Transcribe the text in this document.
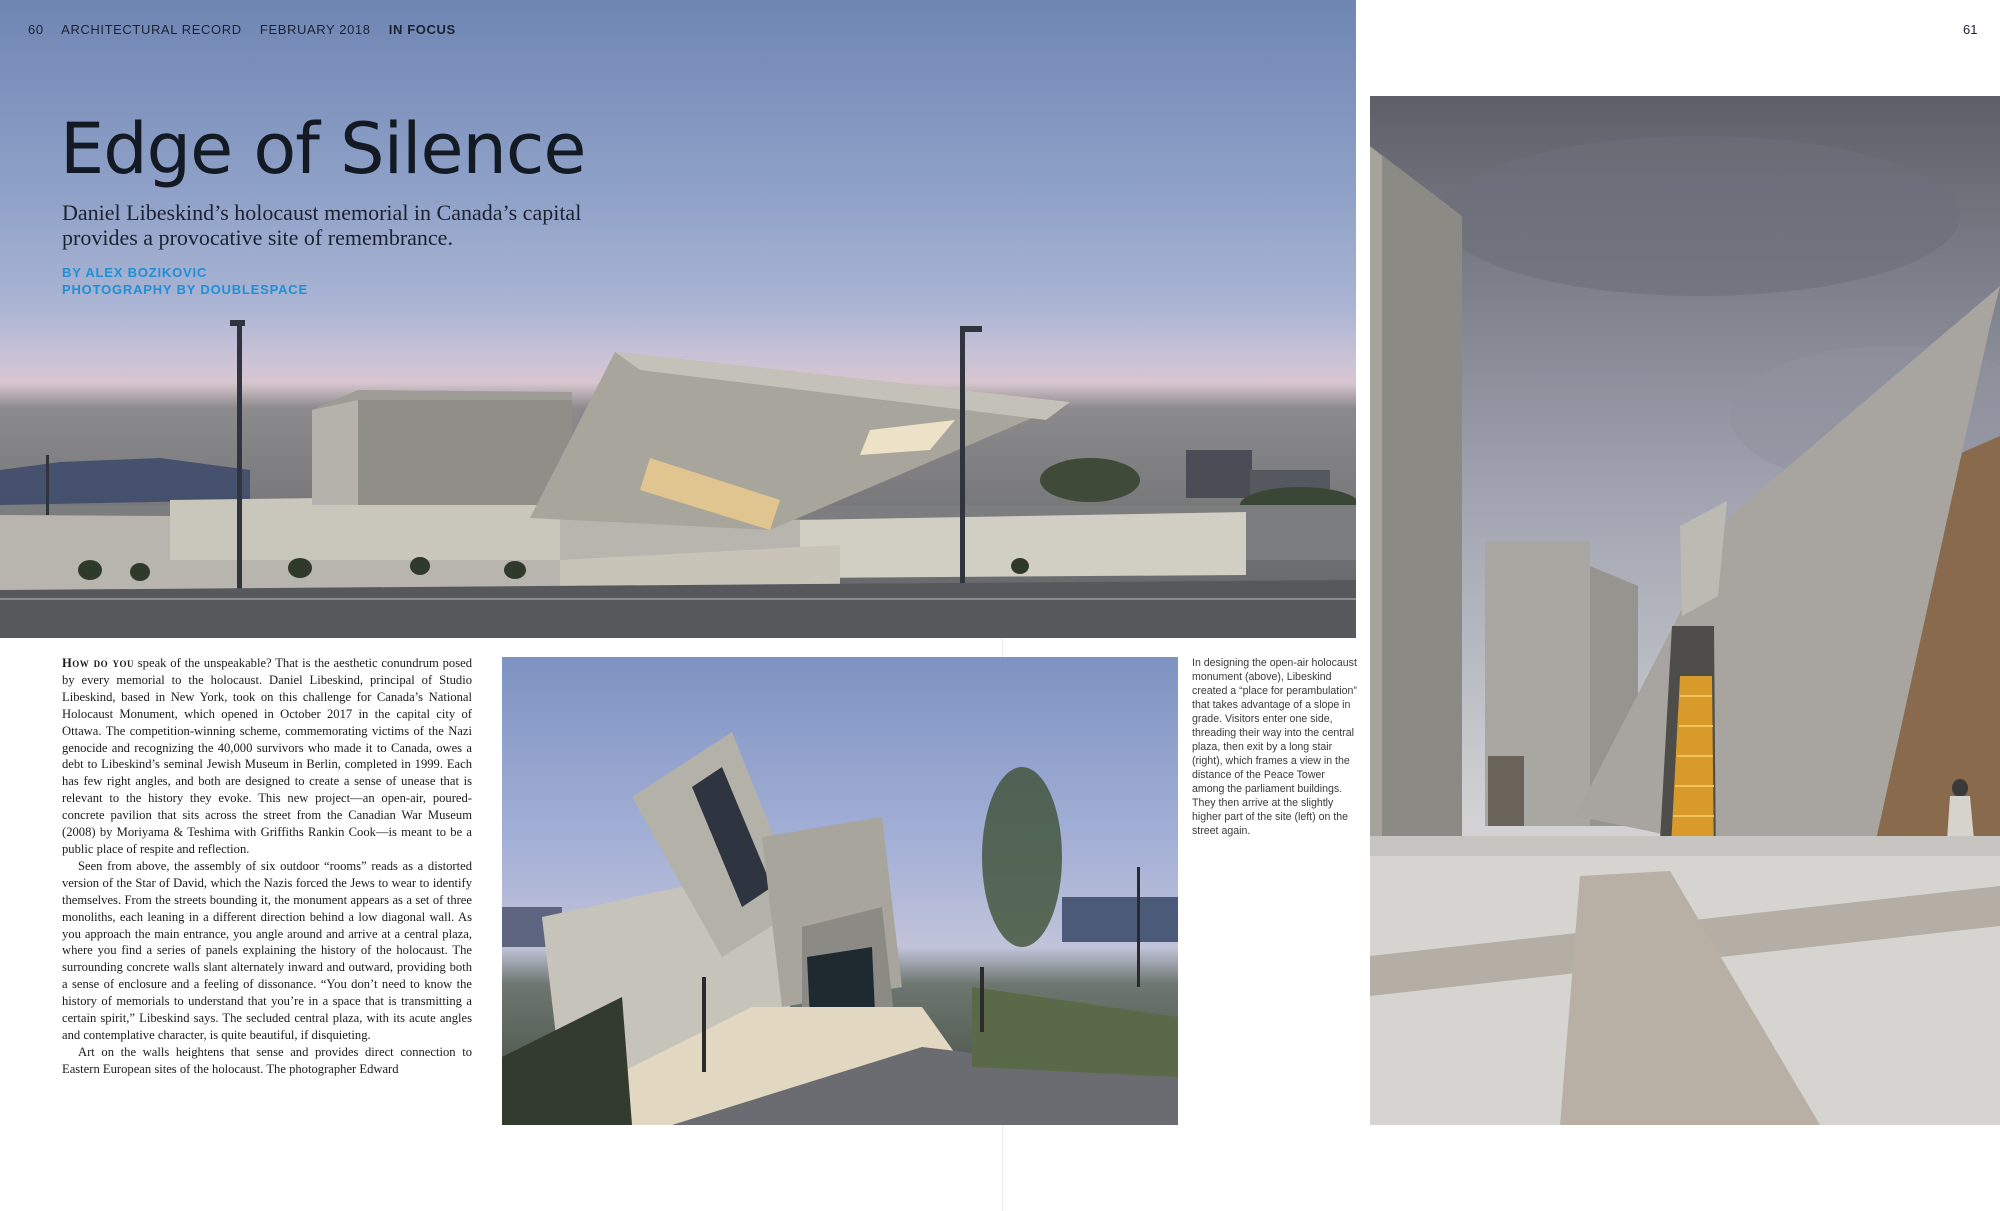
60 ARCHITECTURAL RECORD FEBRUARY 2018 IN FOCUS
Edge of Silence

Daniel Libeskind’s holocaust memorial in Canada’s capital provides a provocative site of remembrance.

BY ALEX BOZIKOVIC
PHOTOGRAPHY BY DOUBLESPACE
61

How do you speak of the unspeakable? That is the aesthetic conundrum posed by every memorial to the holocaust. Daniel Libeskind, principal of Studio Libeskind, based in New York, took on this challenge for Canada’s National Holocaust Monument, which opened in October 2017 in the capital city of Ottawa. The competition-winning scheme, commemorating victims of the Nazi genocide and recognizing the 40,000 survivors who made it to Canada, owes a debt to Libeskind’s seminal Jewish Museum in Berlin, completed in 1999. Each has few right angles, and both are designed to create a sense of unease that is relevant to the history they evoke. This new project—an open-air, poured-concrete pavilion that sits across the street from the Canadian War Museum (2008) by Moriyama & Teshima with Griffiths Rankin Cook—is meant to be a public place of respite and reflection.

Seen from above, the assembly of six outdoor “rooms” reads as a distorted version of the Star of David, which the Nazis forced the Jews to wear to identify themselves. From the streets bounding it, the monument appears as a set of three monoliths, each leaning in a different direction behind a low diagonal wall. As you approach the main entrance, you angle around and arrive at a central plaza, where you find a series of panels explaining the history of the holocaust. The surrounding concrete walls slant alternately inward and outward, providing both a sense of enclosure and a feeling of dissonance. “You don’t need to know the history of memorials to understand that you’re in a space that is transmitting a certain spirit,” Libeskind says. The secluded central plaza, with its acute angles and contemplative character, is quite beautiful, if disquieting.

Art on the walls heightens that sense and provides direct connection to Eastern European sites of the holocaust. The photographer Edward

In designing the open-air holocaust monument (above), Libeskind created a “place for perambulation” that takes advantage of a slope in grade. Visitors enter one side, threading their way into the central plaza, then exit by a long stair (right), which frames a view in the distance of the Peace Tower among the parliament buildings. They then arrive at the slightly higher part of the site (left) on the street again.
